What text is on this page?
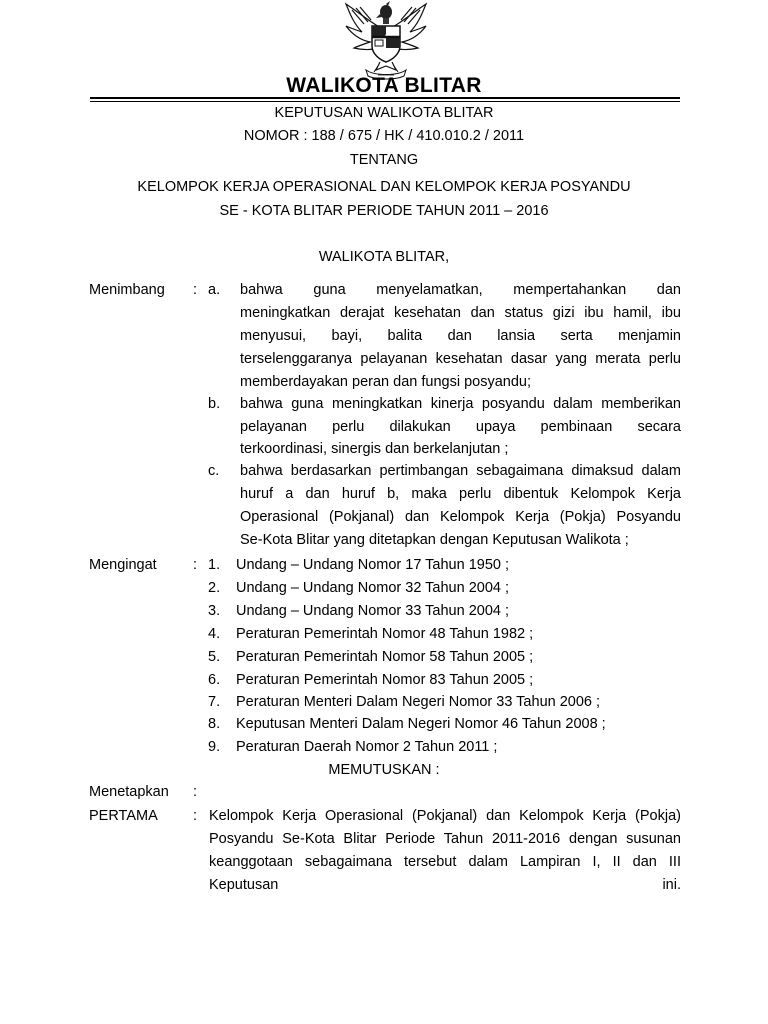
WALIKOTA BLITAR
KEPUTUSAN WALIKOTA BLITAR
NOMOR : 188 / 675 / HK / 410.010.2 / 2011
TENTANG
KELOMPOK KERJA OPERASIONAL DAN KELOMPOK KERJA POSYANDU
SE - KOTA BLITAR PERIODE TAHUN 2011 – 2016
WALIKOTA BLITAR,
Menimbang : a. bahwa guna menyelamatkan, mempertahankan dan
meningkatkan derajat kesehatan dan status gizi ibu hamil, ibu
menyusui, bayi, balita dan lansia serta menjamin
terselenggaranya pelayanan kesehatan dasar yang merata perlu
memberdayakan peran dan fungsi posyandu;
b. bahwa guna meningkatkan kinerja posyandu dalam memberikan
pelayanan perlu dilakukan upaya pembinaan secara
terkoordinasi, sinergis dan berkelanjutan ;
c. bahwa berdasarkan pertimbangan sebagaimana dimaksud dalam
huruf a dan huruf b, maka perlu dibentuk Kelompok Kerja
Operasional (Pokjanal) dan Kelompok Kerja (Pokja) Posyandu
Se-Kota Blitar yang ditetapkan dengan Keputusan Walikota ;
Mengingat	: 1. Undang – Undang Nomor 17 Tahun 1950 ;
2. Undang – Undang Nomor 32 Tahun 2004 ;
3. Undang – Undang Nomor 33 Tahun 2004 ;
4. Peraturan Pemerintah Nomor 48 Tahun 1982 ;
5. Peraturan Pemerintah Nomor 58 Tahun 2005 ;
6. Peraturan Pemerintah Nomor 83 Tahun 2005 ;
7. Peraturan Menteri Dalam Negeri Nomor 33 Tahun 2006 ;
8. Keputusan Menteri Dalam Negeri Nomor 46 Tahun 2008 ;
9. Peraturan Daerah Nomor 2 Tahun 2011 ;
MEMUTUSKAN :
Menetapkan :
PERTAMA : Kelompok Kerja Operasional (Pokjanal) dan Kelompok Kerja (Pokja)
Posyandu Se-Kota Blitar Periode Tahun 2011-2016 dengan susunan
keanggotaan sebagaimana tersebut dalam Lampiran I, II dan III
Keputusan ini.
